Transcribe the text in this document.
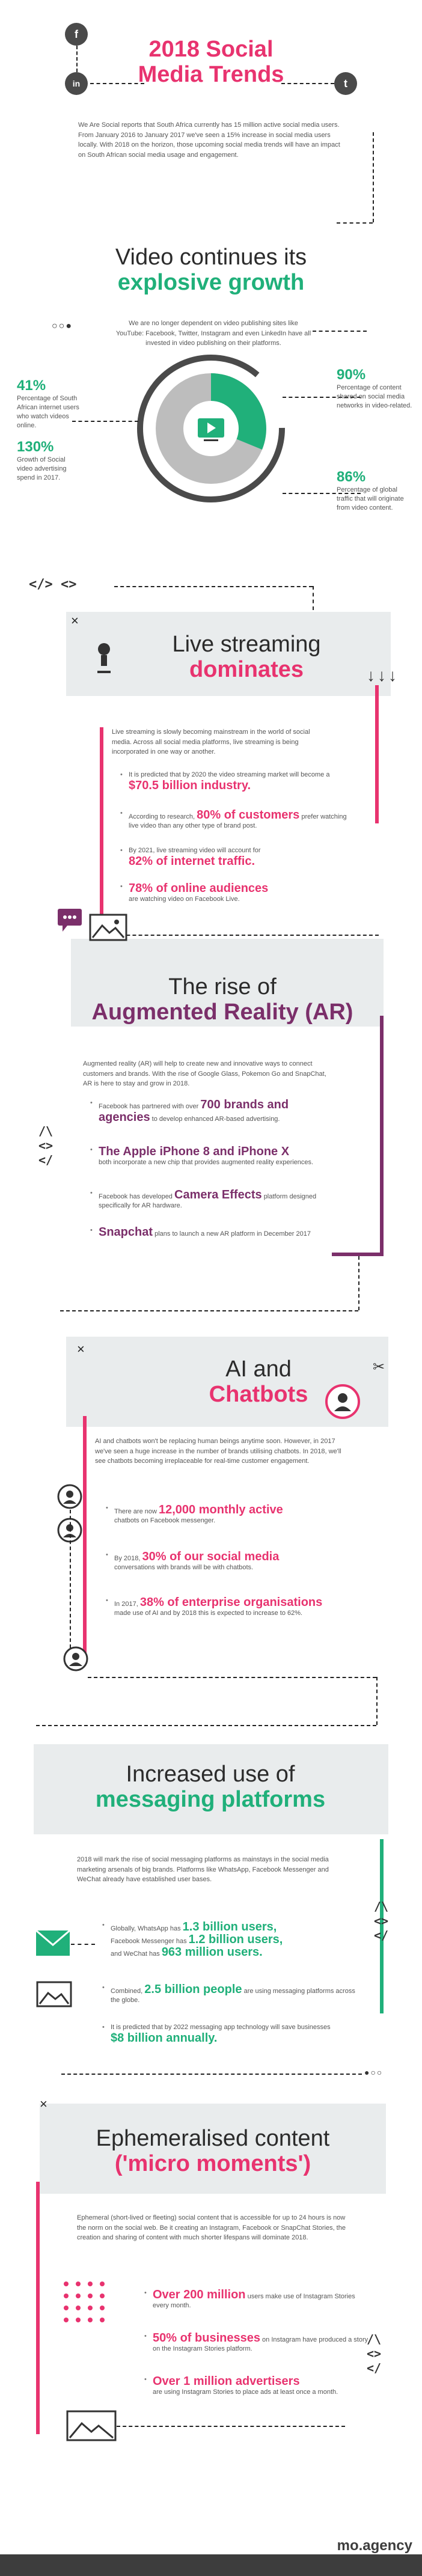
f
in	t
2018 Social
Media Trends
We Are Social reports that South Africa currently has 15 million active social media users. From January 2016 to January 2017 we've seen a 15% increase in social media users locally. With 2018 on the horizon, those upcoming social media trends will have an impact on South African social media usage and engagement.
Video continues its
explosive growth
○○●	We are no longer dependent on video publishing sites like YouTube: Facebook, Twitter, Instagram and even LinkedIn have all invested in video publishing on their platforms.
41%
Percentage of South African internet users who watch videos online.
130%
Growth of Social video advertising spend in 2017.
90%
Percentage of content shared on social media networks in video-related.
86%
Percentage of global traffic that will originate from video content.
</> <>
×
Live streaming
dominates	↓↓↓
Live streaming is slowly becoming mainstream in the world of social media. Across all social media platforms, live streaming is being incorporated in one way or another.
• It is predicted that by 2020 the video streaming market will become a $70.5 billion industry.
• According to research, 80% of customers prefer watching live video than any other type of brand post.
• By 2021, live streaming video will account for
82% of internet traffic.
• 78% of online audiences
are watching video on Facebook Live.
The rise of
Augmented Reality (AR)
Augmented reality (AR) will help to create new and innovative ways to connect customers and brands. With the rise of Google Glass, Pokemon Go and SnapChat, AR is here to stay and grow in 2018.
/\
<>
</
• Facebook has partnered with over 700 brands and agencies to develop enhanced AR-based advertising.
• The Apple iPhone 8 and iPhone X
both incorporate a new chip that provides augmented reality experiences.
• Facebook has developed Camera Effects platform designed specifically for AR hardware.
• Snapchat plans to launch a new AR platform in December 2017
×
✂
AI and
Chatbots
AI and chatbots won't be replacing human beings anytime soon. However, in 2017 we've seen a huge increase in the number of brands utilising chatbots. In 2018, we'll see chatbots becoming irreplaceable for real-time customer engagement.
• There are now 12,000 monthly active
chatbots on Facebook messenger.
• By 2018, 30% of our social media
conversations with brands will be with chatbots.
• In 2017, 38% of enterprise organisations
made use of AI and by 2018 this is expected to increase to 62%.
Increased use of
messaging platforms
2018 will mark the rise of social messaging platforms as mainstays in the social media marketing arsenals of big brands. Platforms like WhatsApp, Facebook Messenger and WeChat already have established user bases.
/\
<>
</
• Globally, WhatsApp has 1.3 billion users,
Facebook Messenger has 1.2 billion users,
and WeChat has 963 million users.
• Combined, 2.5 billion people are using messaging platforms across the globe.
• It is predicted that by 2022 messaging app technology will save businesses
$8 billion annually.
●○○
×
Ephemeralised content
('micro moments')
Ephemeral (short-lived or fleeting) social content that is accessible for up to 24 hours is now the norm on the social web. Be it creating an Instagram, Facebook or SnapChat Stories, the creation and sharing of content with much shorter lifespans will dominate 2018.
/\
<>
</
• Over 200 million users make use of Instagram Stories every month.
• 50% of businesses on Instagram have produced a story on the Instagram Stories platform.
• Over 1 million advertisers
are using Instagram Stories to place ads at least once a month.
mo.agency
